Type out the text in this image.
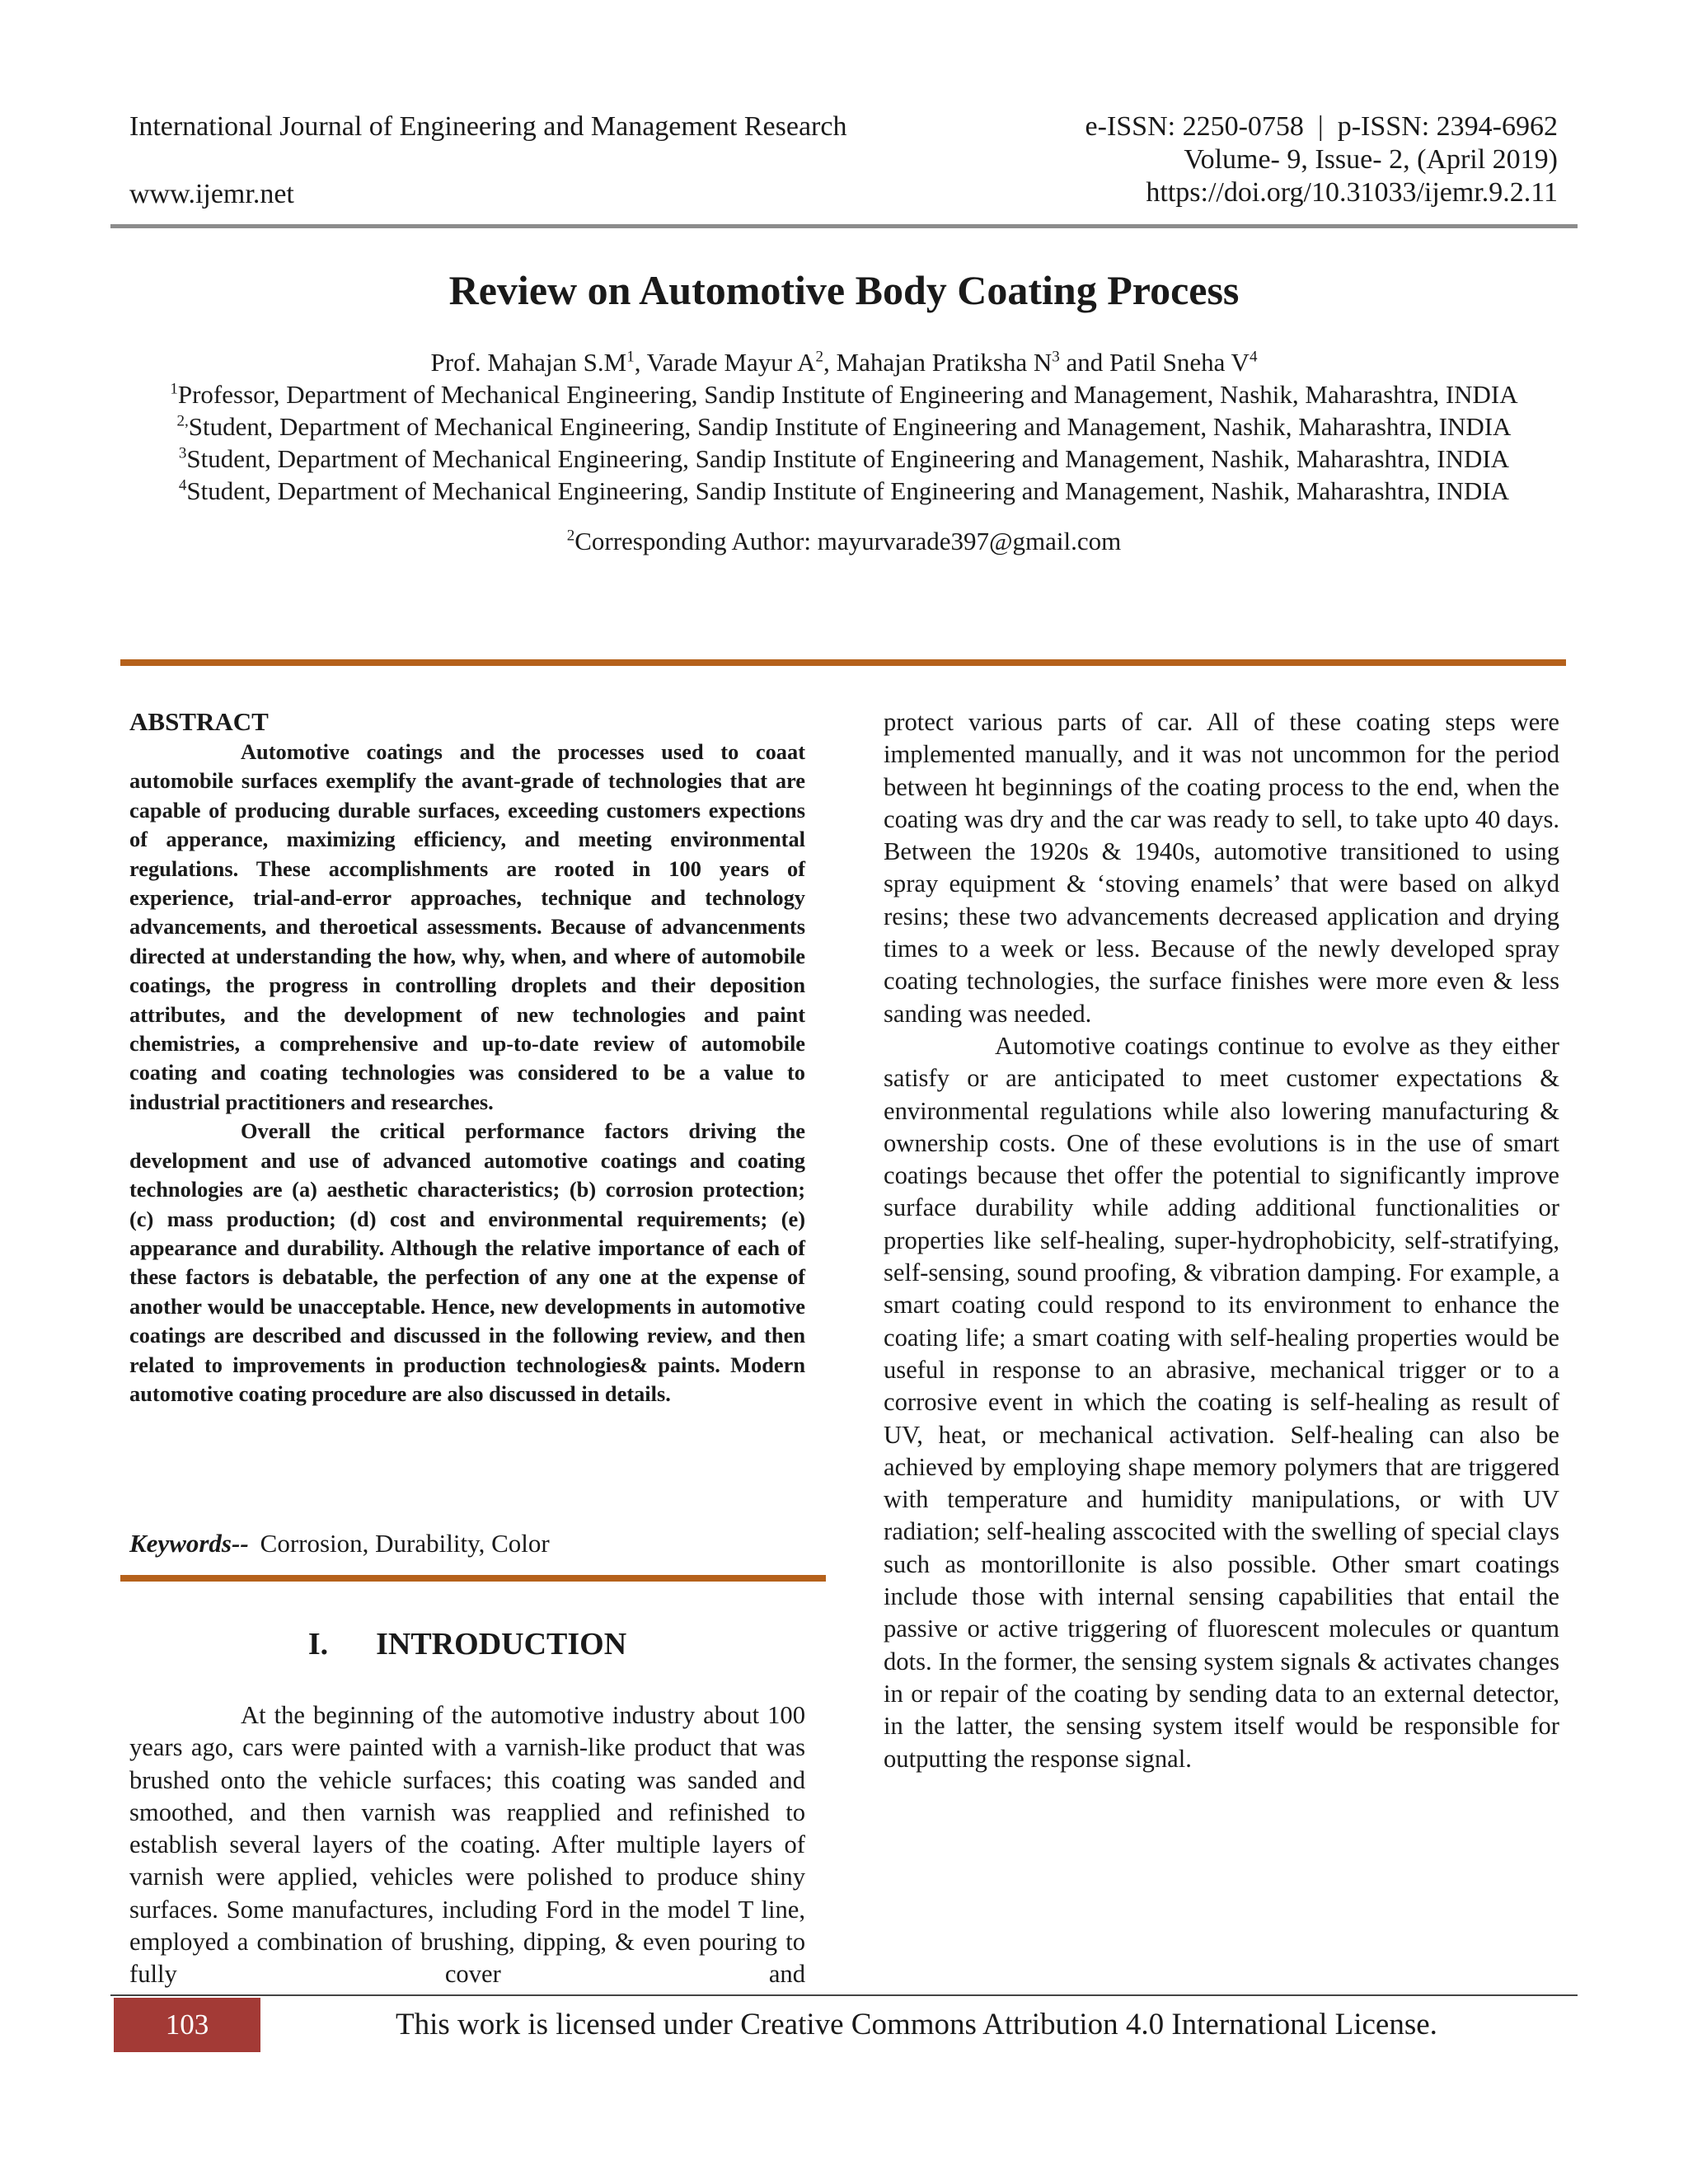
International Journal of Engineering and Management Research
www.ijemr.net
e-ISSN: 2250-0758  |  p-ISSN: 2394-6962
Volume- 9, Issue- 2, (April 2019)
https://doi.org/10.31033/ijemr.9.2.11
Review on Automotive Body Coating Process
Prof. Mahajan $S.M^1$, Varade Mayur $A^2$, Mahajan Pratiksha $N^3$ and Patil Sneha $V^4$
$^1$Professor, Department of Mechanical Engineering, Sandip Institute of Engineering and Management, Nashik, Maharashtra, INDIA
$^{2,}$Student, Department of Mechanical Engineering, Sandip Institute of Engineering and Management, Nashik, Maharashtra, INDIA
$^3$Student, Department of Mechanical Engineering, Sandip Institute of Engineering and Management, Nashik, Maharashtra, INDIA
$^4$Student, Department of Mechanical Engineering, Sandip Institute of Engineering and Management, Nashik, Maharashtra, INDIA
$^2$Corresponding Author: mayurvarade397@gmail.com
ABSTRACT

Automotive coatings and the processes used to coaat automobile surfaces exemplify the avant-grade of technologies that are capable of producing durable surfaces, exceeding customers expections of apperance, maximizing efficiency, and meeting environmental regulations. These accomplishments are rooted in 100 years of experience, trial-and-error approaches, technique and technology advancements, and theroetical assessments. Because of advancenments directed at understanding the how, why, when, and where of automobile coatings, the progress in controlling droplets and their deposition attributes, and the development of new technologies and paint chemistries, a comprehensive and up-to-date review of automobile coating and coating technologies was considered to be a value to industrial practitioners and researches.

Overall the critical performance factors driving the development and use of advanced automotive coatings and coating technologies are (a) aesthetic characteristics; (b) corrosion protection; (c) mass production; (d) cost and environmental requirements; (e) appearance and durability. Although the relative importance of each of these factors is debatable, the perfection of any one at the expense of another would be unacceptable. Hence, new developments in automotive coatings are described and discussed in the following review, and then related to improvements in production technologies& paints. Modern automotive coating procedure are also discussed in details.

Keywords-- Corrosion, Durability, Color
I. INTRODUCTION

At the beginning of the automotive industry about 100 years ago, cars were painted with a varnish-like product that was brushed onto the vehicle surfaces; this coating was sanded and smoothed, and then varnish was reapplied and refinished to establish several layers of the coating. After multiple layers of varnish were applied, vehicles were polished to produce shiny surfaces. Some manufactures, including Ford in the model T line, employed a combination of brushing, dipping, & even pouring to fully cover and

protect various parts of car. All of these coating steps were implemented manually, and it was not uncommon for the period between ht beginnings of the coating process to the end, when the coating was dry and the car was ready to sell, to take upto 40 days. Between the 1920s & 1940s, automotive transitioned to using spray equipment & ‘stoving enamels’ that were based on alkyd resins; these two advancements decreased application and drying times to a week or less. Because of the newly developed spray coating technologies, the surface finishes were more even & less sanding was needed.

Automotive coatings continue to evolve as they either satisfy or are anticipated to meet customer expectations & environmental regulations while also lowering manufacturing & ownership costs. One of these evolutions is in the use of smart coatings because thet offer the potential to significantly improve surface durability while adding additional functionalities or properties like self-healing, super-hydrophobicity, self-stratifying, self-sensing, sound proofing, & vibration damping. For example, a smart coating could respond to its environment to enhance the coating life; a smart coating with self-healing properties would be useful in response to an abrasive, mechanical trigger or to a corrosive event in which the coating is self-healing as result of UV, heat, or mechanical activation. Self-healing can also be achieved by employing shape memory polymers that are triggered with temperature and humidity manipulations, or with UV radiation; self-healing asscocited with the swelling of special clays such as montorillonite is also possible. Other smart coatings include those with internal sensing capabilities that entail the passive or active triggering of fluorescent molecules or quantum dots. In the former, the sensing system signals & activates changes in or repair of the coating by sending data to an external detector, in the latter, the sensing system itself would be responsible for outputting the response signal.

103	This work is licensed under Creative Commons Attribution 4.0 International License.
